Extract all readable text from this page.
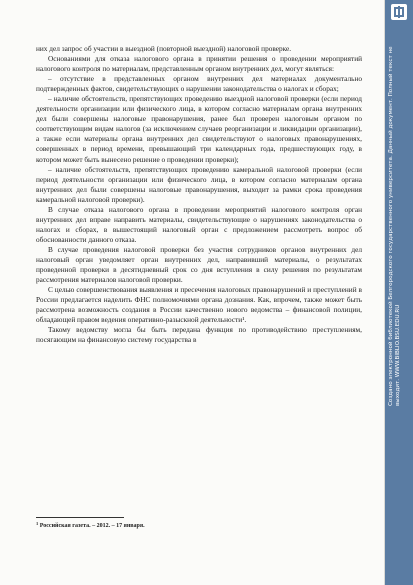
них дел запрос об участии в выездной (повторной выездной) налоговой проверке.

Основаниями для отказа налогового органа в принятии решения о проведении мероприятий налогового контроля по материалам, представленным органом внутренних дел, могут являться:

– отсутствие в представленных органом внутренних дел материалах документально подтвержденных фактов, свидетельствующих о нарушении законодательства о налогах и сборах;

– наличие обстоятельств, препятствующих проведению выездной налоговой проверки (если период деятельности организации или физического лица, в котором согласно материалам органа внутренних дел были совершены налоговые правонарушения, ранее был проверен налоговым органом по соответствующим видам налогов (за исключением случаев реорганизации и ликвидации организации), а также если материалы органа внутренних дел свидетельствуют о налоговых правонарушениях, совершенных в период времени, превышающий три календарных года, предшествующих году, в котором может быть вынесено решение о проведении проверки);

– наличие обстоятельств, препятствующих проведению камеральной налоговой проверки (если период деятельности организации или физического лица, в котором согласно материалам органа внутренних дел были совершены налоговые правонарушения, выходит за рамки срока проведения камеральной налоговой проверки).

В случае отказа налогового органа в проведении мероприятий налогового контроля орган внутренних дел вправе направить материалы, свидетельствующие о нарушениях законодательства о налогах и сборах, в вышестоящий налоговый орган с предложением рассмотреть вопрос об обоснованности данного отказа.

В случае проведения налоговой проверки без участия сотрудников органов внутренних дел налоговый орган уведомляет орган внутренних дел, направивший материалы, о результатах проведенной проверки в десятидневный срок со дня вступления в силу решения по результатам рассмотрения материалов налоговой проверки.

С целью совершенствования выявления и пресечения налоговых правонарушений и преступлений в России предлагается наделить ФНС полномочиями органа дознания. Как, впрочем, также может быть рассмотрена возможность создания в России качественно нового ведомства – финансовой полиции, обладающей правом ведения оперативно-разыскной деятельности¹.

Такому ведомству могла бы быть передана функция по противодействию преступлениям, посягающим на финансовую систему государства в

$^1$ Российская газета. – 2012. – 17 января.
Создано электронной библиотекой Белгородского государственного университета. Данный документ. Полный текст не выходит. WWW.BIBLIO.BSU.EDU.RU
